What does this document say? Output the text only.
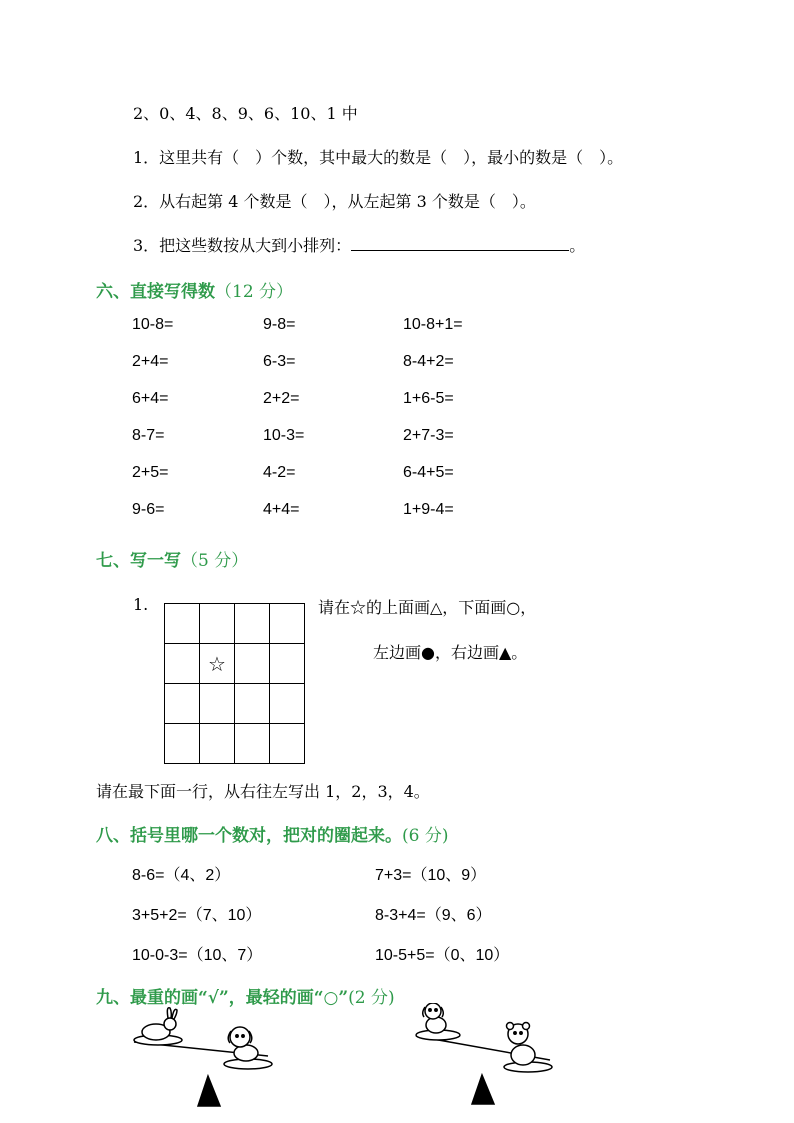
2、0、4、8、9、6、10、1 中
1．这里共有（　）个数，其中最大的数是（　），最小的数是（　）。
2．从右起第 4 个数是（　），从左起第 3 个数是（　）。
3．把这些数按从大到小排列：	。
六、直接写得数（12 分）
10-8=	9-8=	10-8+1=
2+4=	6-3=	8-4+2=
6+4=	2+2=	1+6-5=
8-7=	10-3=	2+7-3=
2+5=	4-2=	6-4+5=
9-6=	4+4=	1+9-4=
七、写一写（5 分）
1.
☆
请在☆的上面画△，下面画○，
左边画●，右边画▲。
请在最下面一行，从右往左写出 1，2，3，4。
八、括号里哪一个数对，把对的圈起来。(6 分)
8-6=（4、2）	7+3=（10、9）
3+5+2=（7、10）	8-3+4=（9、6）
10-0-3=（10、7）	10-5+5=（0、10）
九、最重的画“√”，最轻的画“○”(2 分)
